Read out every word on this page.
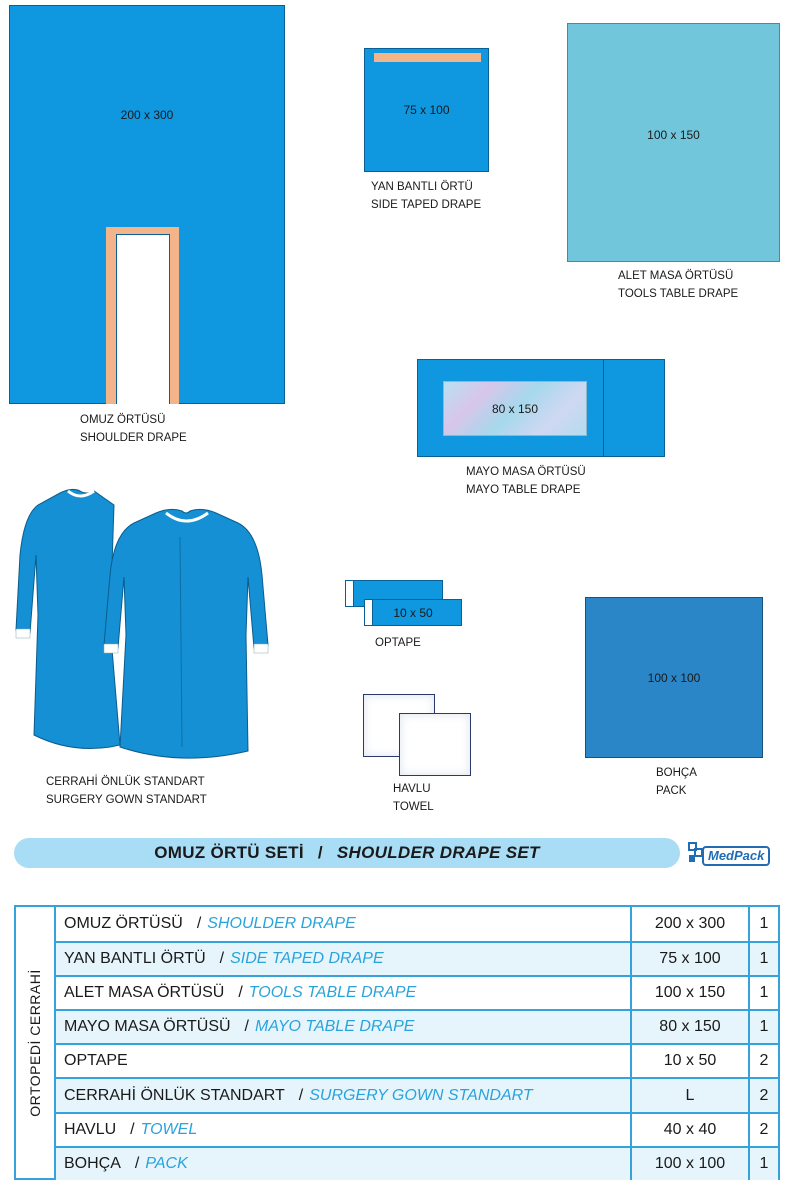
200 x 300
OMUZ ÖRTÜSÜ
SHOULDER DRAPE
75 x 100
YAN BANTLI ÖRTÜ
SIDE TAPED DRAPE
100 x 150
ALET MASA ÖRTÜSÜ
TOOLS TABLE DRAPE
80 x 150
MAYO MASA ÖRTÜSÜ
MAYO TABLE DRAPE
CERRAHİ ÖNLÜK STANDART
SURGERY GOWN STANDART
10 x 50
OPTAPE
HAVLU
TOWEL
100 x 100
BOHÇA
PACK
OMUZ ÖRTÜ SETİ / SHOULDER DRAPE SET	MedPack
ORTOPEDİ CERRAHİ
OMUZ ÖRTÜSÜ / SHOULDER DRAPE	200 x 300	1
YAN BANTLI ÖRTÜ / SIDE TAPED DRAPE	75 x 100	1
ALET MASA ÖRTÜSÜ / TOOLS TABLE DRAPE	100 x 150	1
MAYO MASA ÖRTÜSÜ / MAYO TABLE DRAPE	80 x 150	1
OPTAPE	10 x 50	2
CERRAHİ ÖNLÜK STANDART / SURGERY GOWN STANDART	L	2
HAVLU / TOWEL	40 x 40	2
BOHÇA / PACK	100 x 100	1
